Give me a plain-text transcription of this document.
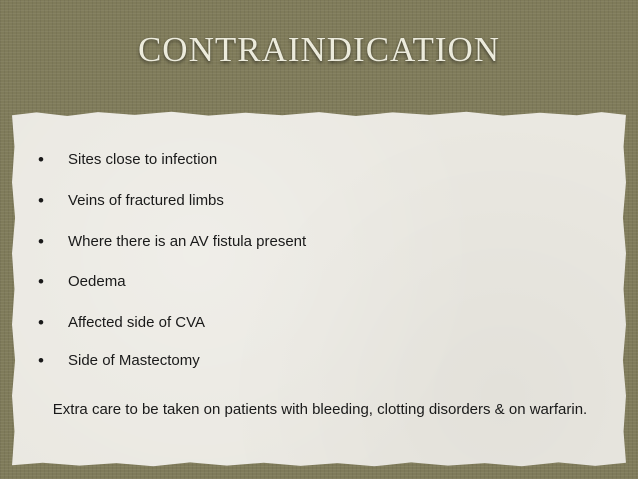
CONTRAINDICATION
•	Sites close to infection
•	Veins of fractured limbs
•	Where there is an AV fistula present
•	Oedema
•	Affected side of CVA
•	Side of Mastectomy

Extra care to be taken on patients with bleeding, clotting disorders & on warfarin.
